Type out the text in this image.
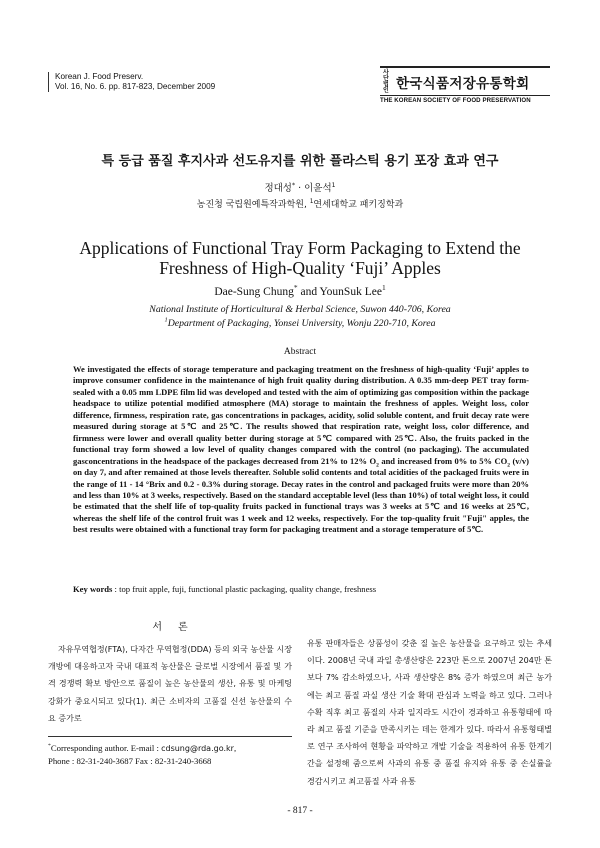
Korean J. Food Preserv.
Vol. 16, No. 6. pp. 817-823, December 2009
사단법인 한국식품저장유통학회
THE KOREAN SOCIETY OF FOOD PRESERVATION
특 등급 품질 후지사과 선도유지를 위한 플라스틱 용기 포장 효과 연구
정대성* · 이윤석$^1$
농진청 국립원예특작과학원, $^1$연세대학교 패키징학과
Applications of Functional Tray Form Packaging to Extend the
Freshness of High-Quality ‘Fuji’ Apples
Dae-Sung Chung* and YounSuk Lee$^1$
National Institute of Horticultural & Herbal Science, Suwon 440-706, Korea
$^1$Department of Packaging, Yonsei University, Wonju 220-710, Korea
Abstract
We investigated the effects of storage temperature and packaging treatment on the freshness of high-quality ‘Fuji’ apples to improve consumer confidence in the maintenance of high fruit quality during distribution. A 0.35 mm-deep PET tray form-sealed with a 0.05 mm LDPE film lid was developed and tested with the aim of optimizing gas composition within the package headspace to utilize potential modified atmosphere (MA) storage to maintain the freshness of apples. Weight loss, color difference, firmness, respiration rate, gas concentrations in packages, acidity, solid soluble content, and fruit decay rate were measured during storage at 5℃ and 25℃. The results showed that respiration rate, weight loss, color difference, and firmness were lower and overall quality better during storage at 5℃ compared with 25℃. Also, the fruits packed in the functional tray form showed a low level of quality changes compared with the control (no packaging). The accumulated gasconcentrations in the headspace of the packages decreased from 21% to 12% $O_2$ and increased from 0% to 5% $CO_2$ (v/v) on day 7, and after remained at those levels thereafter. Soluble solid contents and total acidities of the packaged fruits were in the range of 11 - 14 °Brix and 0.2 - 0.3% during storage. Decay rates in the control and packaged fruits were more than 20% and less than 10% at 3 weeks, respectively. Based on the standard acceptable level (less than 10%) of total weight loss, it could be estimated that the shelf life of top-quality fruits packed in functional trays was 3 weeks at 5℃ and 16 weeks at 25℃, whereas the shelf life of the control fruit was 1 week and 12 weeks, respectively. For the top-quality fruit "Fuji" apples, the best results were obtained with a functional tray form for packaging treatment and a storage temperature of 5℃.
Key words : top fruit apple, fuji, functional plastic packaging, quality change, freshness
서론

자유무역협정(FTA), 다자간 무역협정(DDA) 등의 외국 농산물 시장 개방에 대응하고자 국내 대표적 농산물은 글로벌 시장에서 품질 및 가격 경쟁력 확보 방안으로 품질이 높은 농산물의 생산, 유통 및 마케팅 강화가 중요시되고 있다(1). 최근 소비자의 고품질 신선 농산물의 수요 증가로

유통 판매자들은 상품성이 갖춘 질 높은 농산물을 요구하고 있는 추세이다. 2008년 국내 과일 총생산량은 223만 톤으로 2007년 204만 톤보다 7% 감소하였으나, 사과 생산량은 8% 증가 하였으며 최근 농가에는 최고 품질 과실 생산 기술 확대 관심과 노력을 하고 있다. 그러나 수확 직후 최고 품질의 사과 일지라도 시간이 경과하고 유통형태에 따라 최고 품질 기준을 만족시키는 데는 한계가 있다. 따라서 유통형태별로 연구 조사하여 현황을 파악하고 개발 기술을 적용하여 유통 한계기간을 설정해 줌으로써 사과의 유통 중 품질 유지와 유통 중 손실률을 경감시키고 최고품질 사과 유통

*Corresponding author. E-mail : cdsung@rda.go.kr,
Phone : 82-31-240-3687 Fax : 82-31-240-3668
- 817 -
